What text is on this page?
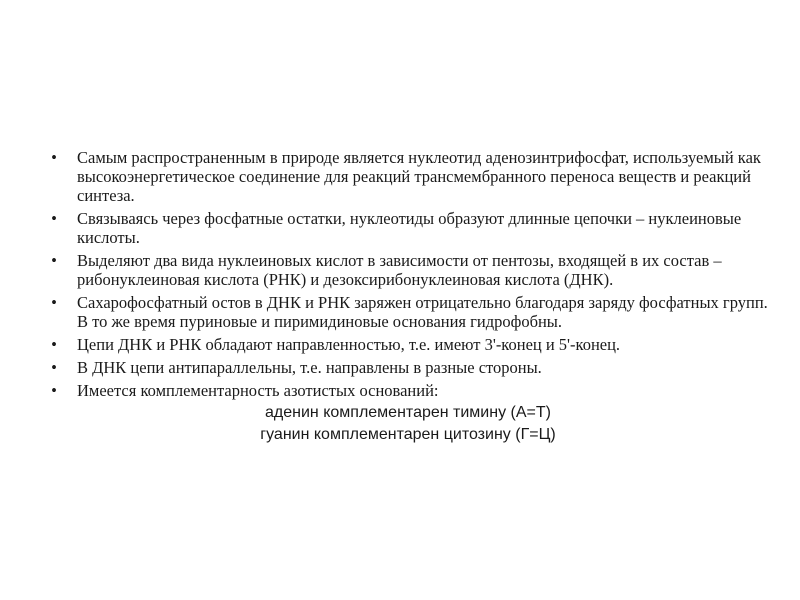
• Самым распространенным в природе является нуклеотид аденозинтрифосфат, используемый как высокоэнергетическое соединение для реакций трансмембранного переноса веществ и реакций синтеза.
• Связываясь через фосфатные остатки, нуклеотиды образуют длинные цепочки – нуклеиновые кислоты.
• Выделяют два вида нуклеиновых кислот в зависимости от пентозы, входящей в их состав – рибонуклеиновая кислота (РНК) и дезоксирибонуклеиновая кислота (ДНК).
• Сахарофосфатный остов в ДНК и РНК заряжен отрицательно благодаря заряду фосфатных групп. В то же время пуриновые и пиримидиновые основания гидрофобны.
• Цепи ДНК и РНК обладают направленностью, т.е. имеют 3'-конец и 5'-конец.
• В ДНК цепи антипараллельны, т.е. направлены в разные стороны.
• Имеется комплементарность азотистых оснований:
аденин комплементарен тимину (А=Т)
гуанин комплементарен цитозину (Г=Ц)
